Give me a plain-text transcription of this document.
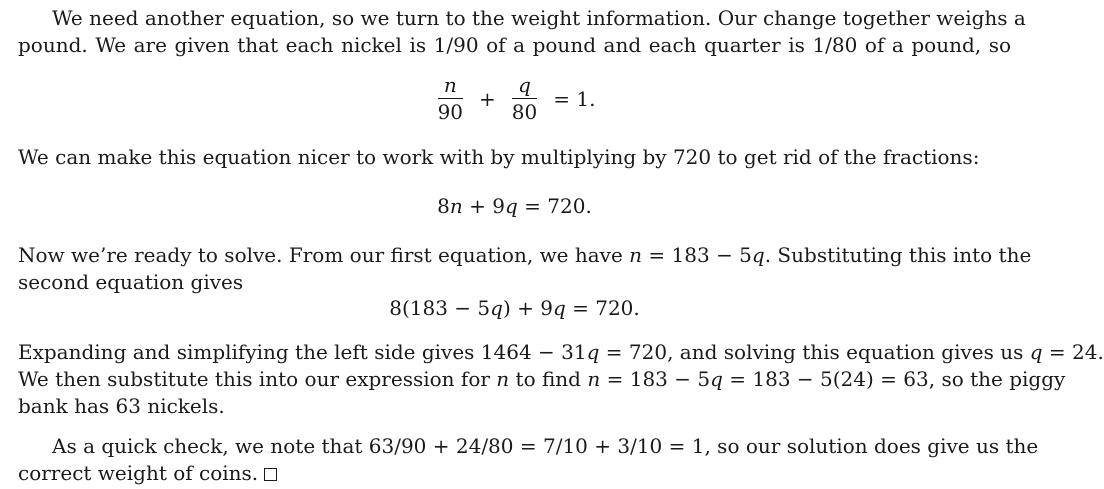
We need another equation, so we turn to the weight information. Our change together weighs a
pound. We are given that each nickel is 1/90 of a pound and each quarter is 1/80 of a pound, so
$\frac{n}{90} + \frac{q}{80} = 1$.
We can make this equation nicer to work with by multiplying by 720 to get rid of the fractions:
8n + 9q = 720.
Now we’re ready to solve. From our first equation, we have n = 183 − 5q. Substituting this into the
second equation gives
8(183 − 5q) + 9q = 720.
Expanding and simplifying the left side gives 1464 − 31q = 720, and solving this equation gives us q = 24.
We then substitute this into our expression for n to find n = 183 − 5q = 183 − 5(24) = 63, so the piggy
bank has 63 nickels.
As a quick check, we note that 63/90 + 24/80 = 7/10 + 3/10 = 1, so our solution does give us the
correct weight of coins.
